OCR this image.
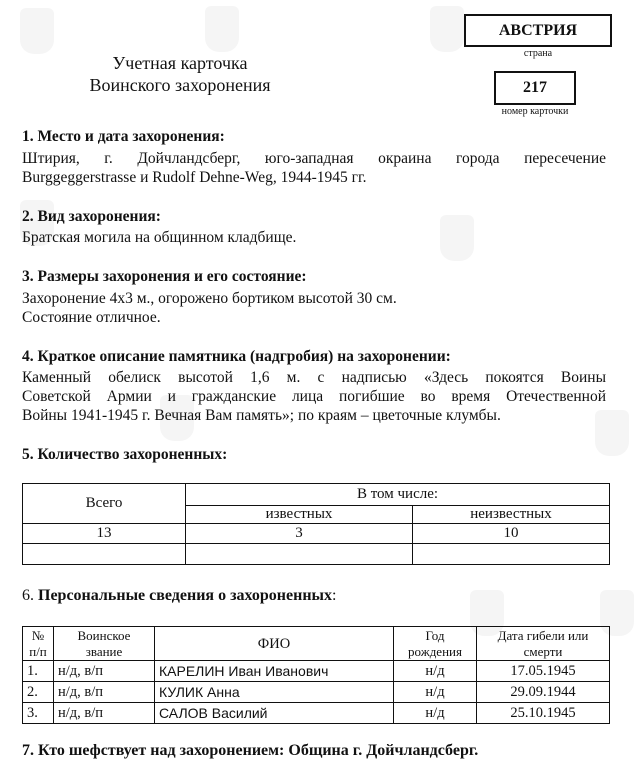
Учетная карточка
Воинского захоронения
АВСТРИЯ
страна
217
номер карточки
1. Место и дата захоронения:
Штирия, г. Дойчландсберг, юго-западная окраина города пересечение
Burggeggerstrasse и Rudolf Dehne-Weg, 1944-1945 гг.
2. Вид захоронения:
Братская могила на общинном кладбище.
3. Размеры захоронения и его состояние:
Захоронение 4х3 м., огорожено бортиком высотой 30 см.
Состояние отличное.
4. Краткое описание памятника (надгробия) на захоронении:
Каменный обелиск высотой 1,6 м. с надписью «Здесь покоятся Воины
Советской Армии и гражданские лица погибшие во время Отечественной
Войны 1941-1945 г. Вечная Вам память»; по краям – цветочные клумбы.
5. Количество захороненных:
Всего	В том числе:	
	известных	неизвестных
13	3	10

6. Персональные сведения о захороненных:
№ п/п	Воинское звание	ФИО	Год рождения	Дата гибели или смерти
1.	н/д, в/п	КАРЕЛИН Иван Иванович	н/д	17.05.1945
2.	н/д, в/п	КУЛИК Анна	н/д	29.09.1944
3.	н/д, в/п	САЛОВ Василий	н/д	25.10.1945
7. Кто шефствует над захоронением: Община г. Дойчландсберг.
